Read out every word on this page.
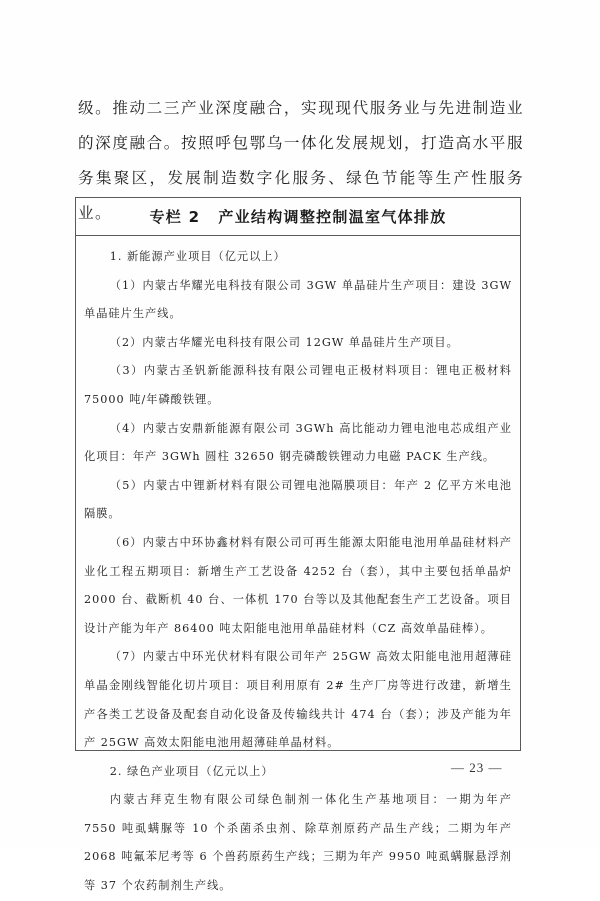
级。推动二三产业深度融合，实现现代服务业与先进制造业的深度融合。按照呼包鄂乌一体化发展规划，打造高水平服务集聚区，发展制造数字化服务、绿色节能等生产性服务业。	专栏 2 产业结构调整控制温室气体排放

1. 新能源产业项目（亿元以上）

（1）内蒙古华耀光电科技有限公司 3GW 单晶硅片生产项目：建设 3GW 单晶硅片生产线。

（2）内蒙古华耀光电科技有限公司 12GW 单晶硅片生产项目。

（3）内蒙古圣钒新能源科技有限公司锂电正极材料项目：锂电正极材料 75000 吨/年磷酸铁锂。

（4）内蒙古安鼎新能源有限公司 3GWh 高比能动力锂电池电芯成组产业化项目：年产 3GWh 圆柱 32650 钢壳磷酸铁锂动力电磁 PACK 生产线。

（5）内蒙古中锂新材料有限公司锂电池隔膜项目：年产 2 亿平方米电池隔膜。

（6）内蒙古中环协鑫材料有限公司可再生能源太阳能电池用单晶硅材料产业化工程五期项目：新增生产工艺设备 4252 台（套），其中主要包括单晶炉 2000 台、截断机 40 台、一体机 170 台等以及其他配套生产工艺设备。项目设计产能为年产 86400 吨太阳能电池用单晶硅材料（CZ 高效单晶硅棒）。

（7）内蒙古中环光伏材料有限公司年产 25GW 高效太阳能电池用超薄硅单晶金刚线智能化切片项目：项目利用原有 2# 生产厂房等进行改建，新增生产各类工艺设备及配套自动化设备及传输线共计 474 台（套）；涉及产能为年产 25GW 高效太阳能电池用超薄硅单晶材料。

2. 绿色产业项目（亿元以上）

内蒙古拜克生物有限公司绿色制剂一体化生产基地项目：一期为年产 7550 吨虱螨脲等 10 个杀菌杀虫剂、除草剂原药产品生产线；二期为年产 2068 吨氟苯尼考等 6 个兽药原药生产线；三期为年产 9950 吨虱螨脲悬浮剂等 37 个农药制剂生产线。

— 23 —
